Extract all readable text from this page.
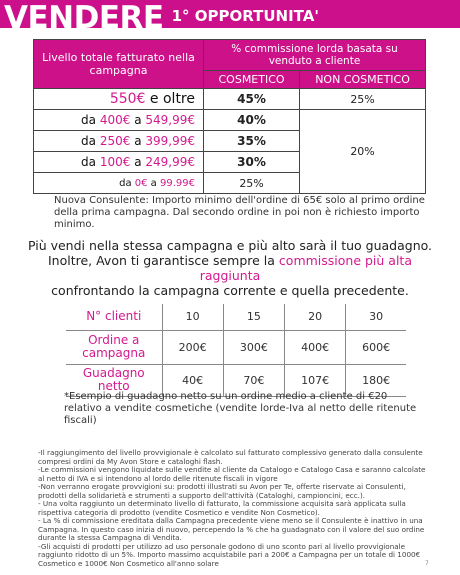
VENDERE 1° OPPORTUNITA'
Livello totale fatturato nella campagna	% commissione lorda basata su venduto a cliente	
	COSMETICO	NON COSMETICO
550€ e oltre	45%	25%
da 400€ a 549,99€	40%	20%
da 250€ a 399,99€	35%	
da 100€ a 249,99€	30%	
da 0€ a 99.99€	25%	
Nuova Consulente: Importo minimo dell'ordine di 65€ solo al primo ordine della prima campagna. Dal secondo ordine in poi non è richiesto importo minimo.
Più vendi nella stessa campagna e più alto sarà il tuo guadagno.
Inoltre, Avon ti garantisce sempre la commissione più alta raggiunta
confrontando la campagna corrente e quella precedente.
N° clienti	10	15	20	30
Ordine a campagna	200€	300€	400€	600€
Guadagno netto	40€	70€	107€	180€
*Esempio di guadagno netto su un ordine medio a cliente di €20 relativo a vendite cosmetiche (vendite lorde-Iva al netto delle ritenute fiscali)
-Il raggiungimento del livello provvigionale è calcolato sul fatturato complessivo generato dalla consulente compresi ordini da My Avon Store e cataloghi flash.
-Le commissioni vengono liquidate sulle vendite al cliente da Catalogo e Catalogo Casa e saranno calcolate al netto di IVA e si intendono al lordo delle ritenute fiscali in vigore
-Non verranno erogate provvigioni su: prodotti illustrati su Avon per Te, offerte riservate ai Consulenti, prodotti della solidarietà e strumenti a supporto dell'attività (Cataloghi, campioncini, ecc.).
- Una volta raggiunto un determinato livello di fatturato, la commissione acquisita sarà applicata sulla rispettiva categoria di prodotto (vendite Cosmetico e vendite Non Cosmetico).
- La % di commissione ereditata dalla Campagna precedente viene meno se il Consulente è inattivo in una Campagna. In questo caso inizia di nuovo, percependo la % che ha guadagnato con il valore del suo ordine durante la stessa Campagna di Vendita.
-Gli acquisti di prodotti per utilizzo ad uso personale godono di uno sconto pari al livello provvigionale raggiunto ridotto di un 5%. Importo massimo acquistabile pari a 200€ a Campagna per un totale di 1000€ Cosmetico e 1000€ Non Cosmetico all'anno solare	7
